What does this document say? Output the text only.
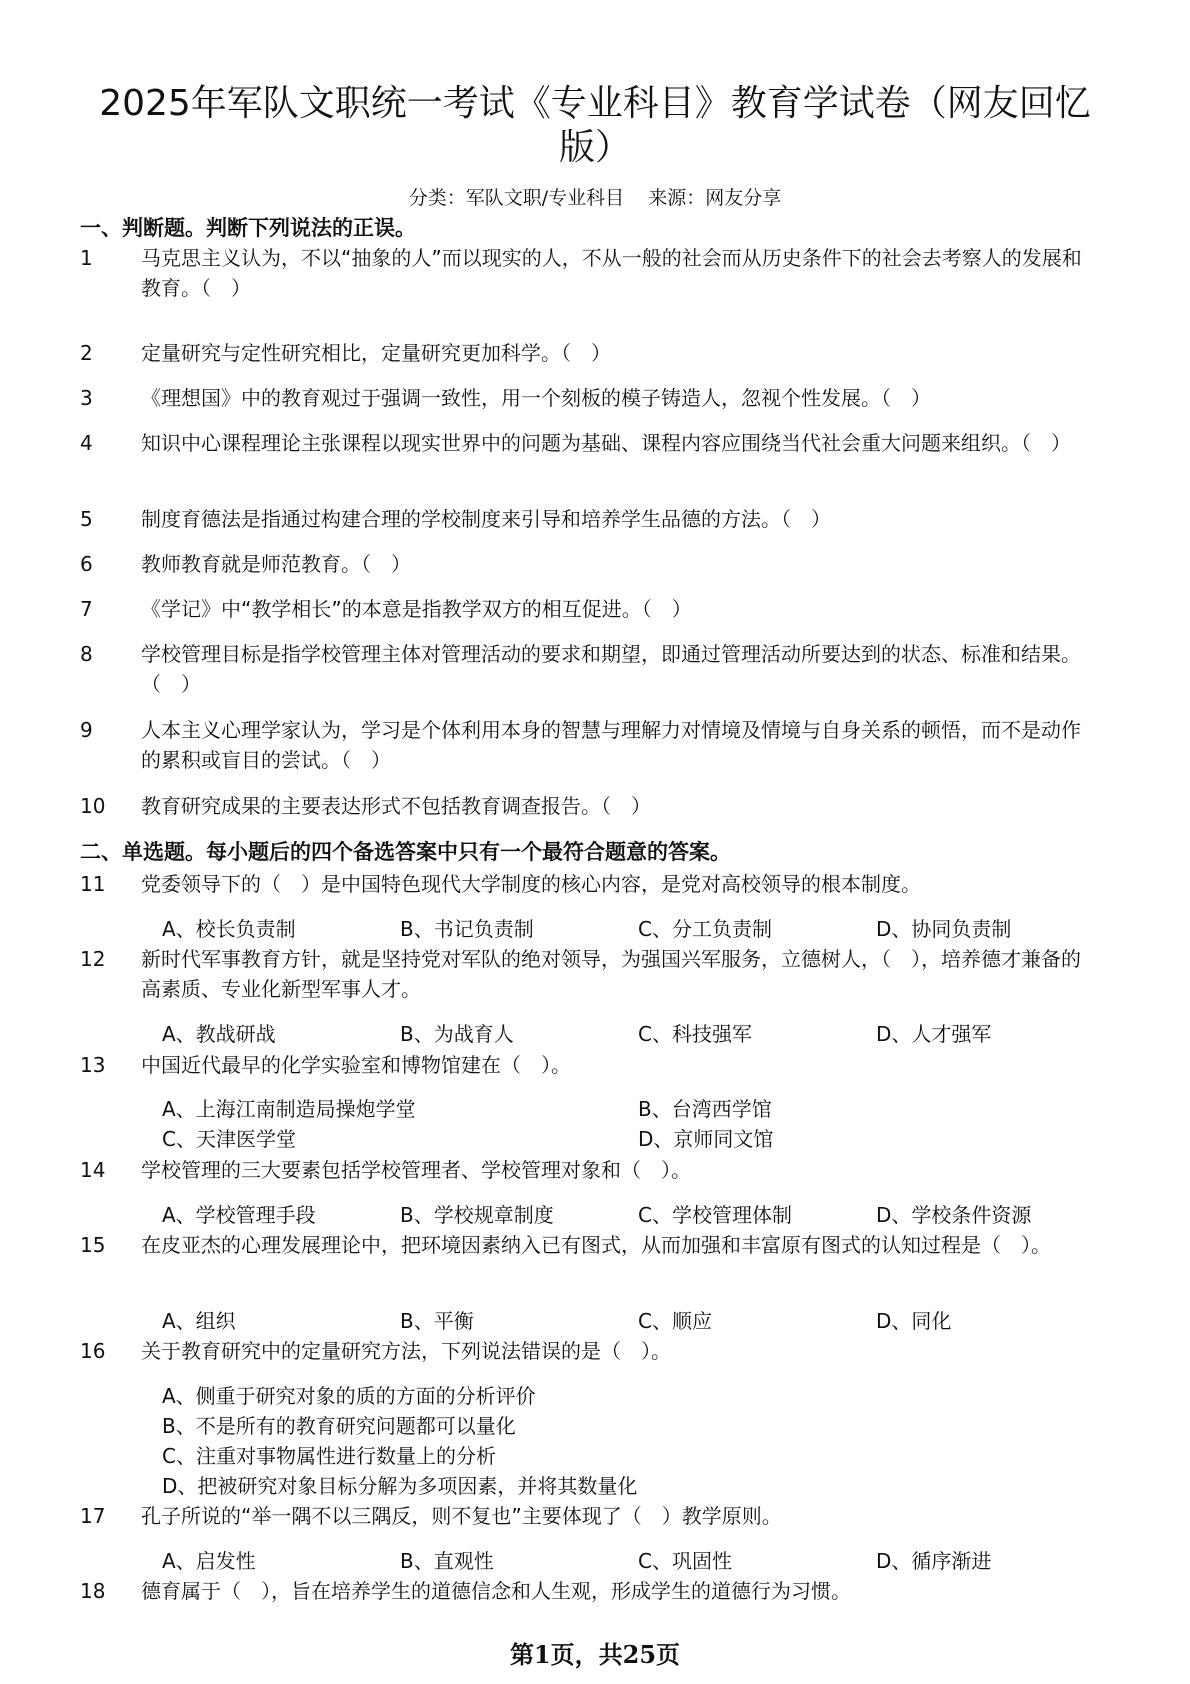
2025年军队文职统一考试《专业科目》教育学试卷（网友回忆版）

分类：军队文职/专业科目 来源：网友分享

一、判断题。判断下列说法的正误。
1	马克思主义认为，不以“抽象的人”而以现实的人，不从一般的社会而从历史条件下的社会去考察人的发展和教育。（　）
2	定量研究与定性研究相比，定量研究更加科学。（　）
3	《理想国》中的教育观过于强调一致性，用一个刻板的模子铸造人，忽视个性发展。（　）
4	知识中心课程理论主张课程以现实世界中的问题为基础、课程内容应围绕当代社会重大问题来组织。（　）
5	制度育德法是指通过构建合理的学校制度来引导和培养学生品德的方法。（　）
6	教师教育就是师范教育。（　）
7	《学记》中“教学相长”的本意是指教学双方的相互促进。（　）
8	学校管理目标是指学校管理主体对管理活动的要求和期望，即通过管理活动所要达到的状态、标准和结果。（　）
9	人本主义心理学家认为，学习是个体利用本身的智慧与理解力对情境及情境与自身关系的顿悟，而不是动作的累积或盲目的尝试。（　）
10	教育研究成果的主要表达形式不包括教育调查报告。（　）
二、单选题。每小题后的四个备选答案中只有一个最符合题意的答案。
11	党委领导下的（　）是中国特色现代大学制度的核心内容，是党对高校领导的根本制度。
A、校长负责制	B、书记负责制	C、分工负责制	D、协同负责制
12	新时代军事教育方针，就是坚持党对军队的绝对领导，为强国兴军服务，立德树人，（　），培养德才兼备的高素质、专业化新型军事人才。
A、教战研战	B、为战育人	C、科技强军	D、人才强军
13	中国近代最早的化学实验室和博物馆建在（　）。
A、上海江南制造局操炮学堂	B、台湾西学馆
C、天津医学堂	D、京师同文馆
14	学校管理的三大要素包括学校管理者、学校管理对象和（　）。
A、学校管理手段	B、学校规章制度	C、学校管理体制	D、学校条件资源
15	在皮亚杰的心理发展理论中，把环境因素纳入已有图式，从而加强和丰富原有图式的认知过程是（　）。
A、组织	B、平衡	C、顺应	D、同化
16	关于教育研究中的定量研究方法，下列说法错误的是（　）。
A、侧重于研究对象的质的方面的分析评价
B、不是所有的教育研究问题都可以量化
C、注重对事物属性进行数量上的分析
D、把被研究对象目标分解为多项因素，并将其数量化
17	孔子所说的“举一隅不以三隅反，则不复也”主要体现了（　）教学原则。
A、启发性	B、直观性	C、巩固性	D、循序渐进
18	德育属于（　），旨在培养学生的道德信念和人生观，形成学生的道德行为习惯。
第1页，共25页
